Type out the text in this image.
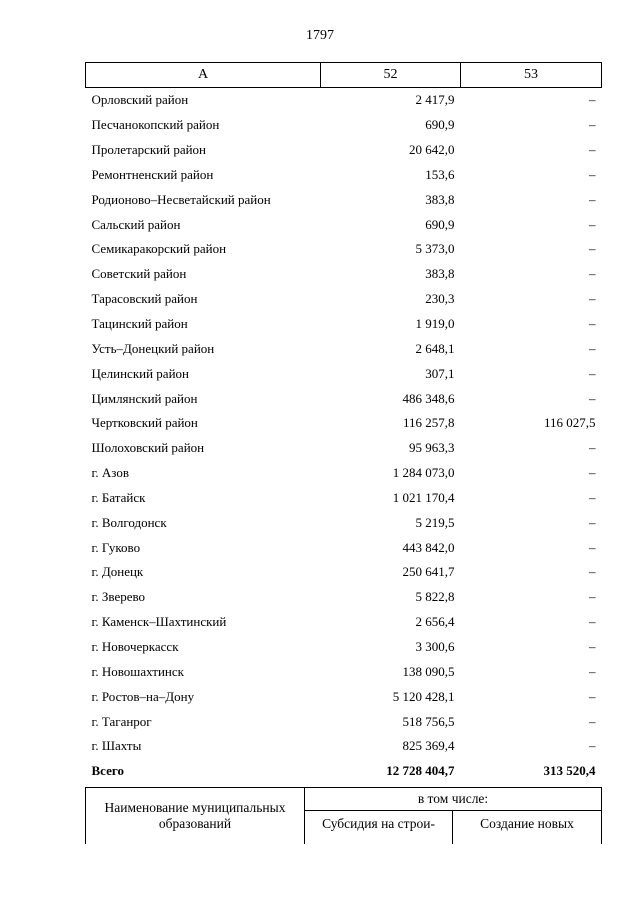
1797
А	52	53
Орловский район	2 417,9	–
Песчанокопский район	690,9	–
Пролетарский район	20 642,0	–
Ремонтненский район	153,6	–
Родионово–Несветайский район	383,8	–
Сальский район	690,9	–
Семикаракорский район	5 373,0	–
Советский район	383,8	–
Тарасовский район	230,3	–
Тацинский район	1 919,0	–
Усть–Донецкий район	2 648,1	–
Целинский район	307,1	–
Цимлянский район	486 348,6	–
Чертковский район	116 257,8	116 027,5
Шолоховский район	95 963,3	–
г. Азов	1 284 073,0	–
г. Батайск	1 021 170,4	–
г. Волгодонск	5 219,5	–
г. Гуково	443 842,0	–
г. Донецк	250 641,7	–
г. Зверево	5 822,8	–
г. Каменск–Шахтинский	2 656,4	–
г. Новочеркасск	3 300,6	–
г. Новошахтинск	138 090,5	–
г. Ростов–на–Дону	5 120 428,1	–
г. Таганрог	518 756,5	–
г. Шахты	825 369,4	–
Всего	12 728 404,7	313 520,4
Наименование муниципальных образований	в том числе:	
	Субсидия на строи-	Создание новых
